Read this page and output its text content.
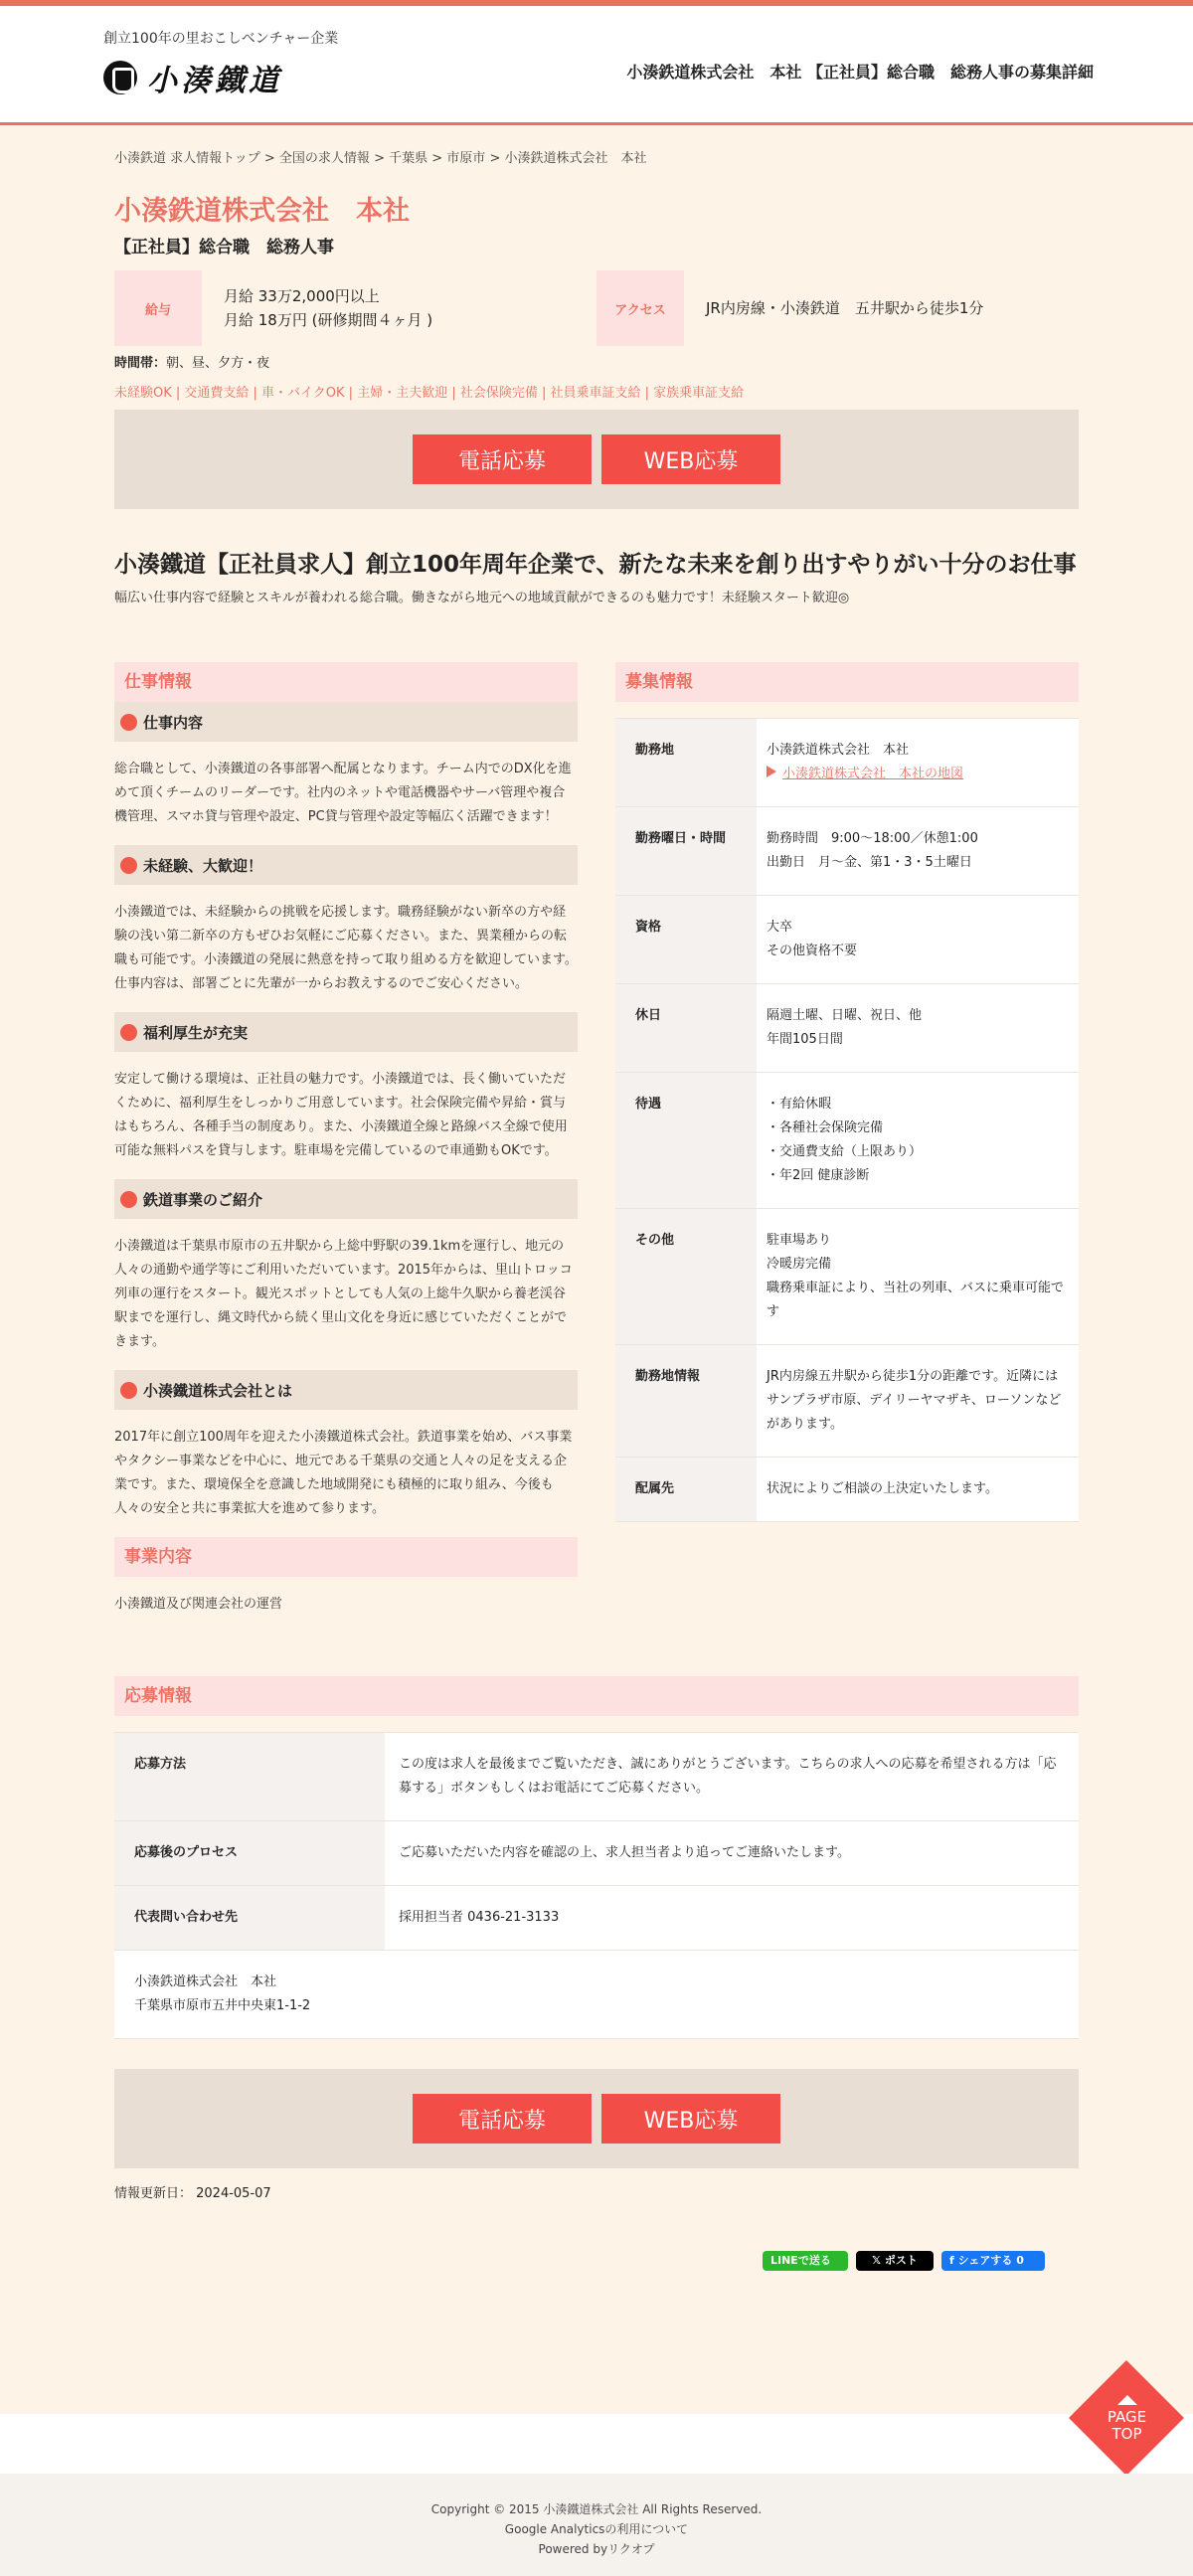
創立100年の里おこしベンチャー企業
小湊鐵道	小湊鉄道株式会社　本社 【正社員】総合職　総務人事の募集詳細
小湊鉄道 求人情報トップ > 全国の求人情報 > 千葉県 > 市原市 > 小湊鉄道株式会社　本社
小湊鉄道株式会社　本社
【正社員】総合職　総務人事
給与
月給 33万2,000円以上
月給 18万円 (研修期間４ヶ月 )
アクセス	JR内房線・小湊鉄道　五井駅から徒歩1分
時間帯：朝、昼、夕方・夜
未経験OK | 交通費支給 | 車・バイクOK | 主婦・主夫歓迎 | 社会保険完備 | 社員乗車証支給 | 家族乗車証支給
電話応募	WEB応募
小湊鐵道【正社員求人】創立100年周年企業で、新たな未来を創り出すやりがい十分のお仕事

幅広い仕事内容で経験とスキルが養われる総合職。働きながら地元への地域貢献ができるのも魅力です！未経験スタート歓迎◎

仕事情報
仕事内容

総合職として、小湊鐵道の各事部署へ配属となります。チーム内でのDX化を進めて頂くチームのリーダーです。社内のネットや電話機器やサーバ管理や複合機管理、スマホ貸与管理や設定、PC貸与管理や設定等幅広く活躍できます！

未経験、大歓迎！

小湊鐵道では、未経験からの挑戦を応援します。職務経験がない新卒の方や経験の浅い第二新卒の方もぜひお気軽にご応募ください。また、異業種からの転職も可能です。小湊鐵道の発展に熱意を持って取り組める方を歓迎しています。仕事内容は、部署ごとに先輩が一からお教えするのでご安心ください。

福利厚生が充実

安定して働ける環境は、正社員の魅力です。小湊鐵道では、長く働いていただくために、福利厚生をしっかりご用意しています。社会保険完備や昇給・賞与はもちろん、各種手当の制度あり。また、小湊鐵道全線と路線バス全線で使用可能な無料パスを貸与します。駐車場を完備しているので車通勤もOKです。

鉄道事業のご紹介

小湊鐵道は千葉県市原市の五井駅から上総中野駅の39.1kmを運行し、地元の人々の通勤や通学等にご利用いただいています。2015年からは、里山トロッコ列車の運行をスタート。観光スポットとしても人気の上総牛久駅から養老渓谷駅までを運行し、縄文時代から続く里山文化を身近に感じていただくことができます。

小湊鐵道株式会社とは

2017年に創立100周年を迎えた小湊鐵道株式会社。鉄道事業を始め、バス事業やタクシー事業などを中心に、地元である千葉県の交通と人々の足を支える企業です。また、環境保全を意識した地域開発にも積極的に取り組み、今後も人々の安全と共に事業拡大を進めて参ります。

事業内容

小湊鐵道及び関連会社の運営

募集情報
勤務地	小湊鉄道株式会社　本社
小湊鉄道株式会社　本社の地図
勤務曜日・時間	勤務時間　9:00〜18:00／休憩1:00
出勤日　月〜金、第1・3・5土曜日
資格	大卒
その他資格不要
休日	隔週土曜、日曜、祝日、他
年間105日間
待遇	・有給休暇
・各種社会保険完備
・交通費支給（上限あり）
・年2回 健康診断
その他	駐車場あり
冷暖房完備
職務乗車証により、当社の列車、バスに乗車可能です
勤務地情報	JR内房線五井駅から徒歩1分の距離です。近隣にはサンプラザ市原、デイリーヤマザキ、ローソンなどがあります。
配属先	状況によりご相談の上決定いたします。
応募情報
応募方法	この度は求人を最後までご覧いただき、誠にありがとうございます。こちらの求人への応募を希望される方は「応募する」ボタンもしくはお電話にてご応募ください。
応募後のプロセス	ご応募いただいた内容を確認の上、求人担当者より追ってご連絡いたします。
代表問い合わせ先	採用担当者 0436-21-3133
小湊鉄道株式会社　本社
千葉県市原市五井中央東1-1-2
電話応募	WEB応募
情報更新日： 2024-05-07
LINEで送る	𝕏 ポスト	f シェアする 0
PAGE
TOP
Copyright © 2015 小湊鐵道株式会社 All Rights Reserved.
Google Analyticsの利用について
Powered byリクオプ
